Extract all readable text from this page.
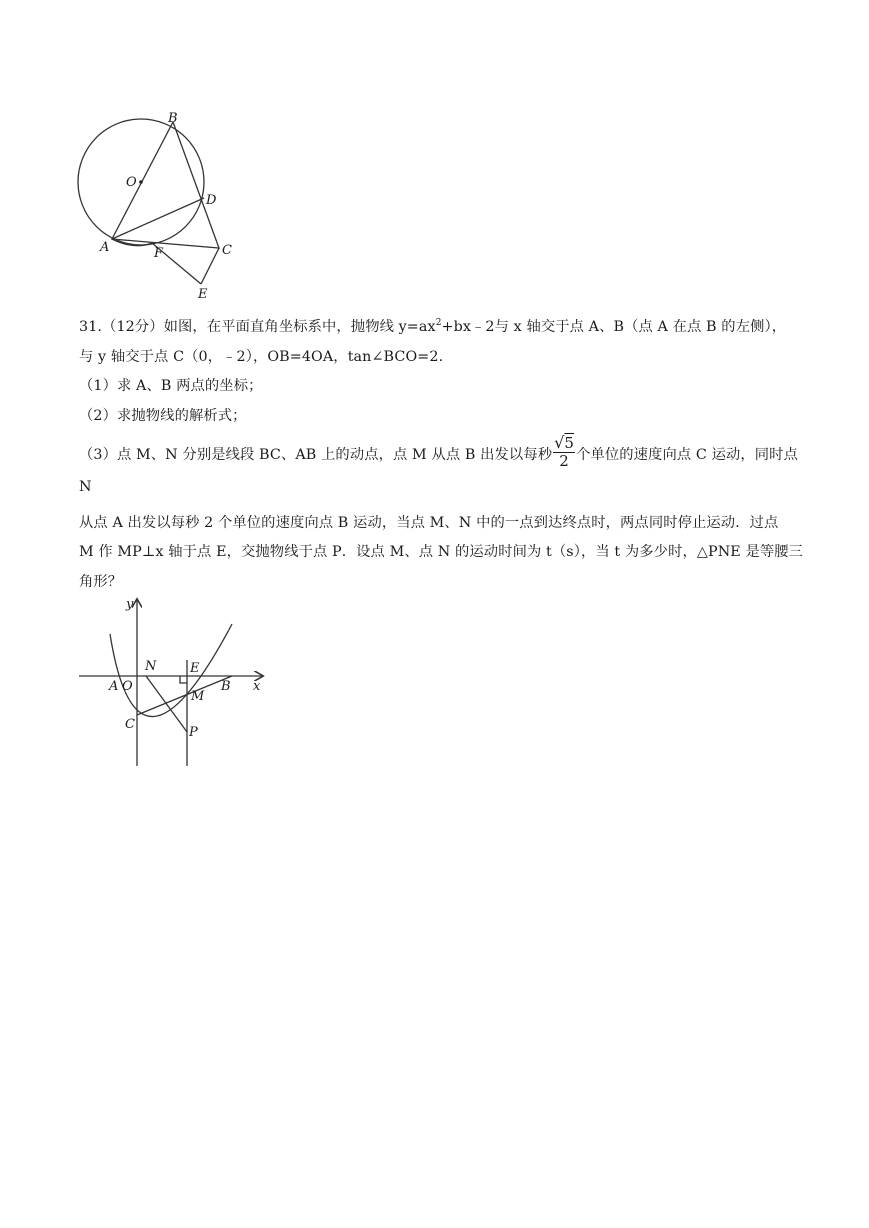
B
O
D
A	F	C
E

31.（12分）如图，在平面直角坐标系中，抛物线 $y=ax^2+bx﹣2$与 x 轴交于点 A、B（点 A 在点 B 的左侧），

与 y 轴交于点 C（0，﹣2），OB=4OA，tan∠BCO=2.

（1）求 A、B 两点的坐标；

（2）求抛物线的解析式；

（3）点 M、N 分别是线段 BC、AB 上的动点，点 M 从点 B 出发以每秒 $\frac{√5}{2}$ 个单位的速度向点 C 运动，同时点 N

从点 A 出发以每秒 2 个单位的速度向点 B 运动，当点 M、N 中的一点到达终点时，两点同时停止运动．过点

M 作 MP⊥x 轴于点 E，交抛物线于点 P．设点 M、点 N 的运动时间为 t（s），当 t 为多少时，△PNE 是等腰三

角形？

y
x
A O
N	E
B
M
C
P
